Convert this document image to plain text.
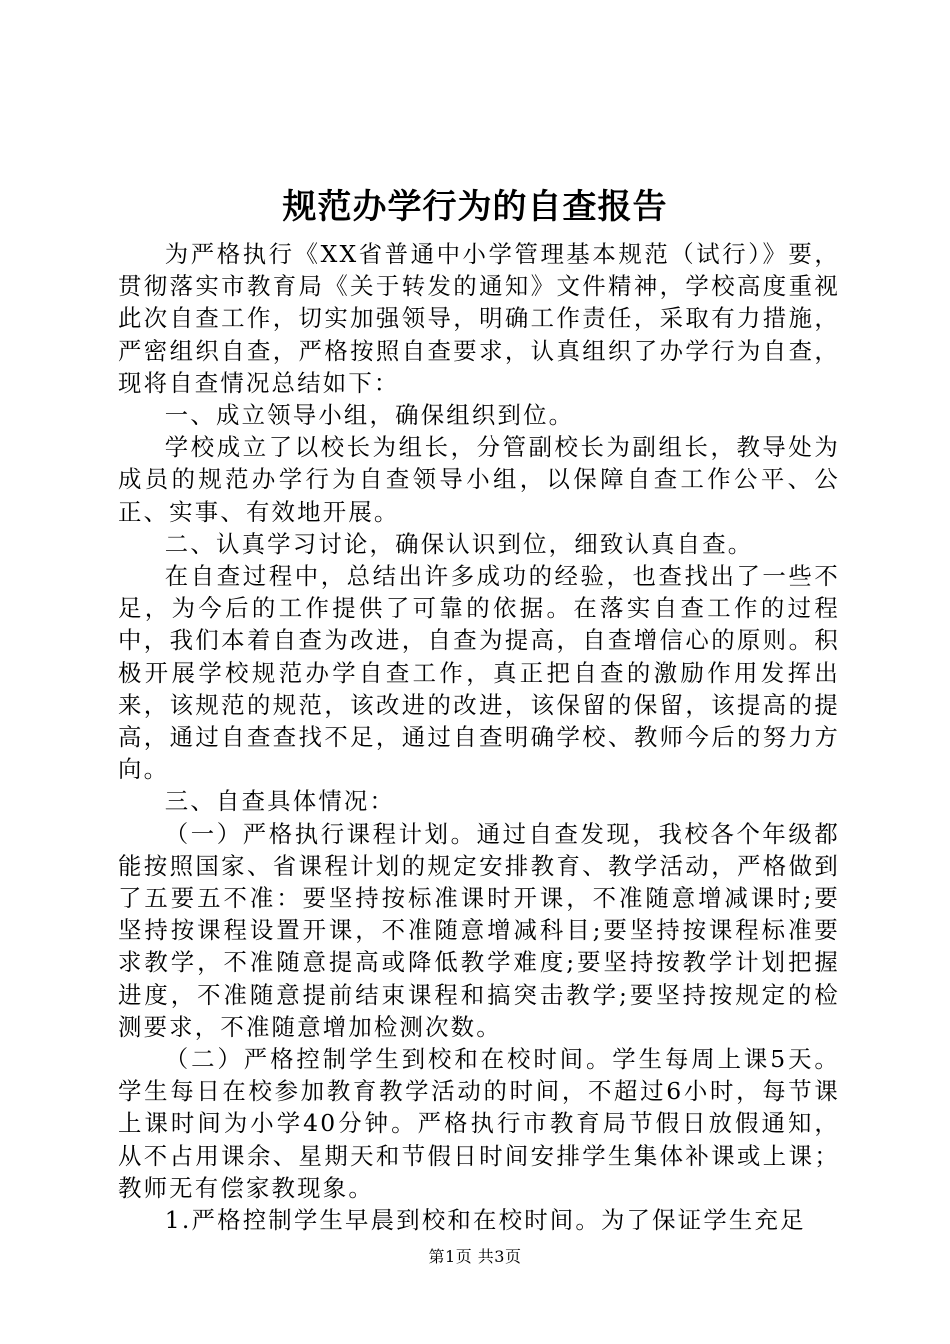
规范办学行为的自查报告

为严格执行《XX省普通中小学管理基本规范（试行）》要，贯彻落实市教育局《关于转发的通知》文件精神，学校高度重视此次自查工作，切实加强领导，明确工作责任，采取有力措施，严密组织自查，严格按照自查要求，认真组织了办学行为自查，现将自查情况总结如下：

一、成立领导小组，确保组织到位。

学校成立了以校长为组长，分管副校长为副组长，教导处为成员的规范办学行为自查领导小组，以保障自查工作公平、公正、实事、有效地开展。

二、认真学习讨论，确保认识到位，细致认真自查。

在自查过程中，总结出许多成功的经验，也查找出了一些不足，为今后的工作提供了可靠的依据。在落实自查工作的过程中，我们本着自查为改进，自查为提高，自查增信心的原则。积极开展学校规范办学自查工作，真正把自查的激励作用发挥出来，该规范的规范，该改进的改进，该保留的保留，该提高的提高，通过自查查找不足，通过自查明确学校、教师今后的努力方向。

三、自查具体情况：

（一）严格执行课程计划。通过自查发现，我校各个年级都能按照国家、省课程计划的规定安排教育、教学活动，严格做到了五要五不准：要坚持按标准课时开课，不准随意增减课时;要坚持按课程设置开课，不准随意增减科目;要坚持按课程标准要求教学，不准随意提高或降低教学难度;要坚持按教学计划把握进度，不准随意提前结束课程和搞突击教学;要坚持按规定的检测要求，不准随意增加检测次数。

（二）严格控制学生到校和在校时间。学生每周上课5天。学生每日在校参加教育教学活动的时间，不超过6小时，每节课上课时间为小学40分钟。严格执行市教育局节假日放假通知，从不占用课余、星期天和节假日时间安排学生集体补课或上课；教师无有偿家教现象。

1.严格控制学生早晨到校和在校时间。为了保证学生充足

第1页 共3页
